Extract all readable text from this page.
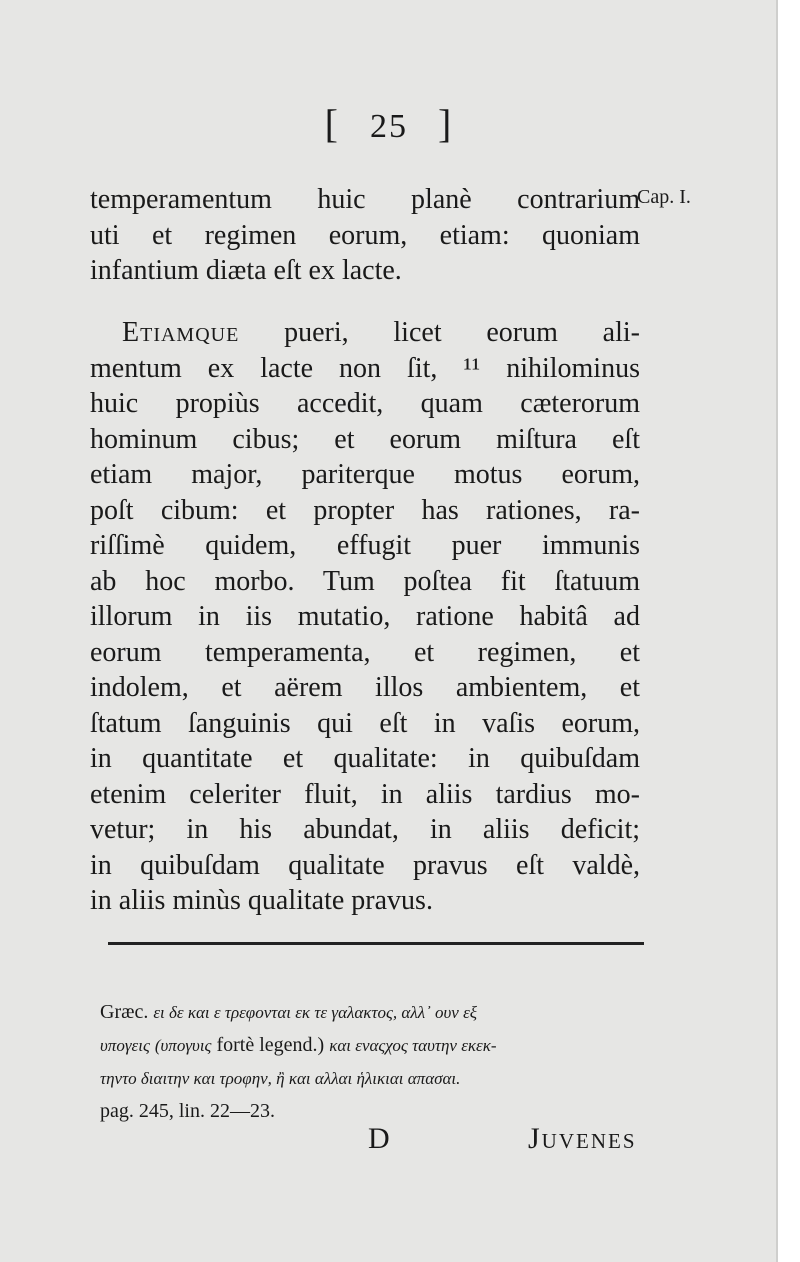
[ 25 ]
Cap. I.
temperamentum huic planè contrarium
uti et regimen eorum, etiam: quoniam
infantium diæta eſt ex lacte.
Etiamque pueri, licet eorum ali-
mentum ex lacte non ſit, ¹¹ nihilominus
huic propiùs accedit, quam cæterorum
hominum cibus; et eorum miſtura eſt
etiam major, pariterque motus eorum,
poſt cibum: et propter has rationes, ra-
riſſimè quidem, effugit puer immunis
ab hoc morbo. Tum poſtea fit ſtatuum
illorum in iis mutatio, ratione habitâ ad
eorum temperamenta, et regimen, et
indolem, et aërem illos ambientem, et
ſtatum ſanguinis qui eſt in vaſis eorum,
in quantitate et qualitate: in quibuſdam
etenim celeriter fluit, in aliis tardius mo-
vetur; in his abundat, in aliis deficit;
in quibuſdam qualitate pravus eſt valdè,
in aliis minùs qualitate pravus.
Græc. ει δε και ε τρεφονται εκ τε γαλακτος, αλλ᾽ ουν εξ
υπογεις (υπογυις fortè legend.) και εναςχος ταυτην εκεκ-
τηντο διαιτην και τροφην, ἢ και αλλαι ἡλικιαι απασαι.
pag. 245, lin. 22—23.
D	Juvenes
